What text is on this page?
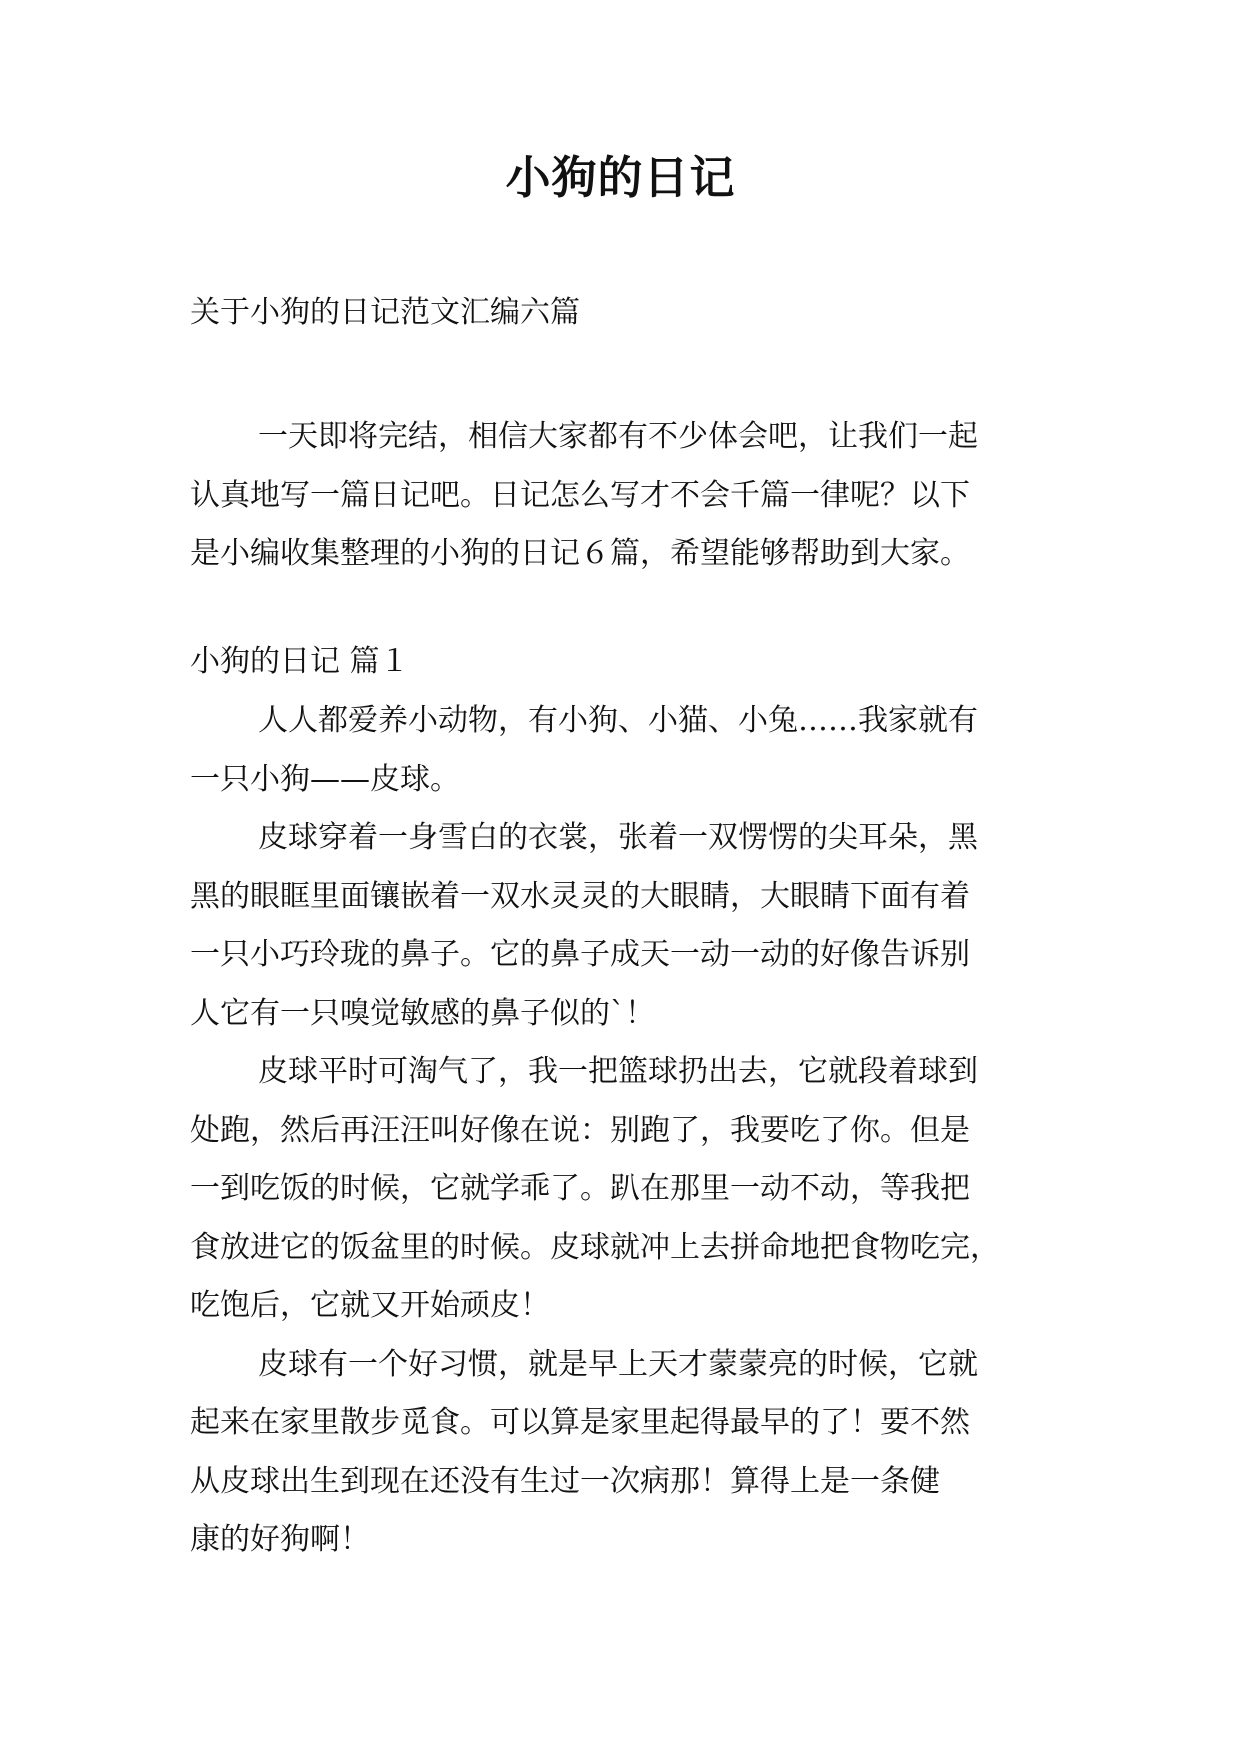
小狗的日记

关于小狗的日记范文汇编六篇

一天即将完结，相信大家都有不少体会吧，让我们一起
认真地写一篇日记吧。日记怎么写才不会千篇一律呢？以下
是小编收集整理的小狗的日记６篇，希望能够帮助到大家。

小狗的日记 篇１

人人都爱养小动物，有小狗、小猫、小兔……我家就有
一只小狗——皮球。
皮球穿着一身雪白的衣裳，张着一双愣愣的尖耳朵，黑
黑的眼眶里面镶嵌着一双水灵灵的大眼睛，大眼睛下面有着
一只小巧玲珑的鼻子。它的鼻子成天一动一动的好像告诉别
人它有一只嗅觉敏感的鼻子似的`！
皮球平时可淘气了，我一把篮球扔出去，它就段着球到
处跑，然后再汪汪叫好像在说：别跑了，我要吃了你。但是
一到吃饭的时候，它就学乖了。趴在那里一动不动，等我把
食放进它的饭盆里的时候。皮球就冲上去拼命地把食物吃完，
吃饱后，它就又开始顽皮！
皮球有一个好习惯，就是早上天才蒙蒙亮的时候，它就
起来在家里散步觅食。可以算是家里起得最早的了！要不然
从皮球出生到现在还没有生过一次病那！算得上是一条健
康的好狗啊！
